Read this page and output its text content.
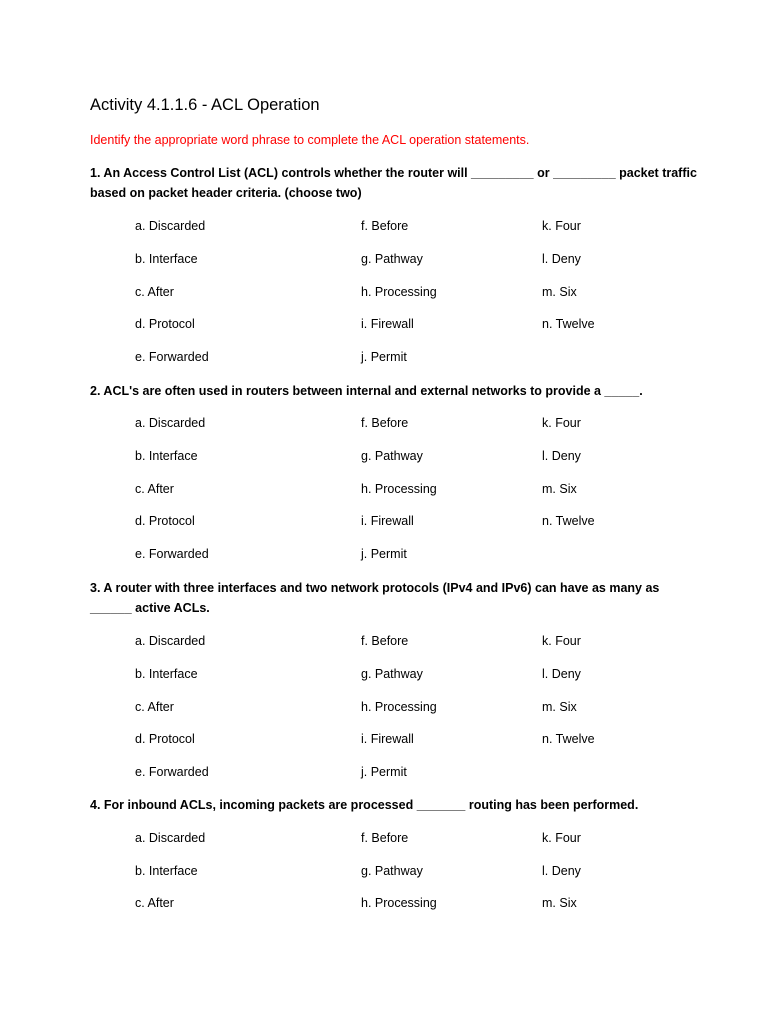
Activity 4.1.1.6 - ACL Operation
Identify the appropriate word phrase to complete the ACL operation statements.
1. An Access Control List (ACL) controls whether the router will _________ or _________ packet traffic based on packet header criteria. (choose two)
a. Discarded	f. Before	k. Four
b. Interface	g. Pathway	l. Deny
c. After	h. Processing	m. Six
d. Protocol	i. Firewall	n. Twelve
e. Forwarded	j. Permit
2. ACL's are often used in routers between internal and external networks to provide a _____.
a. Discarded	f. Before	k. Four
b. Interface	g. Pathway	l. Deny
c. After	h. Processing	m. Six
d. Protocol	i. Firewall	n. Twelve
e. Forwarded	j. Permit
3. A router with three interfaces and two network protocols (IPv4 and IPv6) can have as many as ______ active ACLs.
a. Discarded	f. Before	k. Four
b. Interface	g. Pathway	l. Deny
c. After	h. Processing	m. Six
d. Protocol	i. Firewall	n. Twelve
e. Forwarded	j. Permit
4. For inbound ACLs, incoming packets are processed _______ routing has been performed.
a. Discarded	f. Before	k. Four
b. Interface	g. Pathway	l. Deny
c. After	h. Processing	m. Six
